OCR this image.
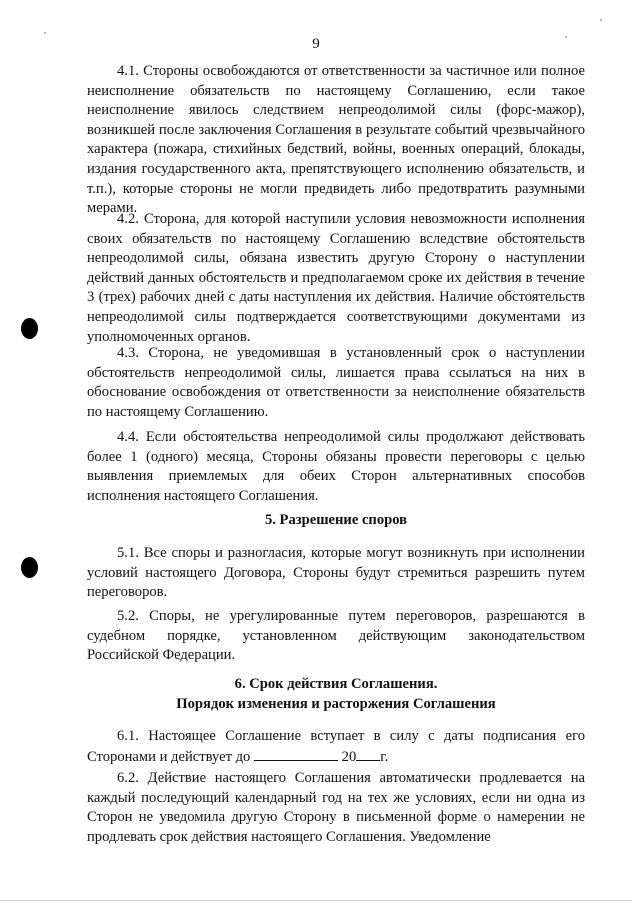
9

4.1. Стороны освобождаются от ответственности за частичное или полное неисполнение обязательств по настоящему Соглашению, если такое неисполнение явилось следствием непреодолимой силы (форс-мажор), возникшей после заключения Соглашения в результате событий чрезвычайного характера (пожара, стихийных бедствий, войны, военных операций, блокады, издания государственного акта, препятствующего исполнению обязательств, и т.п.), которые стороны не могли предвидеть либо предотвратить разумными мерами.

4.2. Сторона, для которой наступили условия невозможности исполнения своих обязательств по настоящему Соглашению вследствие обстоятельств непреодолимой силы, обязана известить другую Сторону о наступлении действий данных обстоятельств и предполагаемом сроке их действия в течение 3 (трех) рабочих дней с даты наступления их действия. Наличие обстоятельств непреодолимой силы подтверждается соответствующими документами из уполномоченных органов.

4.3. Сторона, не уведомившая в установленный срок о наступлении обстоятельств непреодолимой силы, лишается права ссылаться на них в обоснование освобождения от ответственности за неисполнение обязательств по настоящему Соглашению.

4.4. Если обстоятельства непреодолимой силы продолжают действовать более 1 (одного) месяца, Стороны обязаны провести переговоры с целью выявления приемлемых для обеих Сторон альтернативных способов исполнения настоящего Соглашения.

5. Разрешение споров

5.1. Все споры и разногласия, которые могут возникнуть при исполнении условий настоящего Договора, Стороны будут стремиться разрешить путем переговоров.

5.2. Споры, не урегулированные путем переговоров, разрешаются в судебном порядке, установленном действующим законодательством Российской Федерации.

6. Срок действия Соглашения.
Порядок изменения и расторжения Соглашения

6.1. Настоящее Соглашение вступает в силу с даты подписания его Сторонами и действует до	20 г.

6.2. Действие настоящего Соглашения автоматически продлевается на каждый последующий календарный год на тех же условиях, если ни одна из Сторон не уведомила другую Сторону в письменной форме о намерении не продлевать срок действия настоящего Соглашения. Уведомление
